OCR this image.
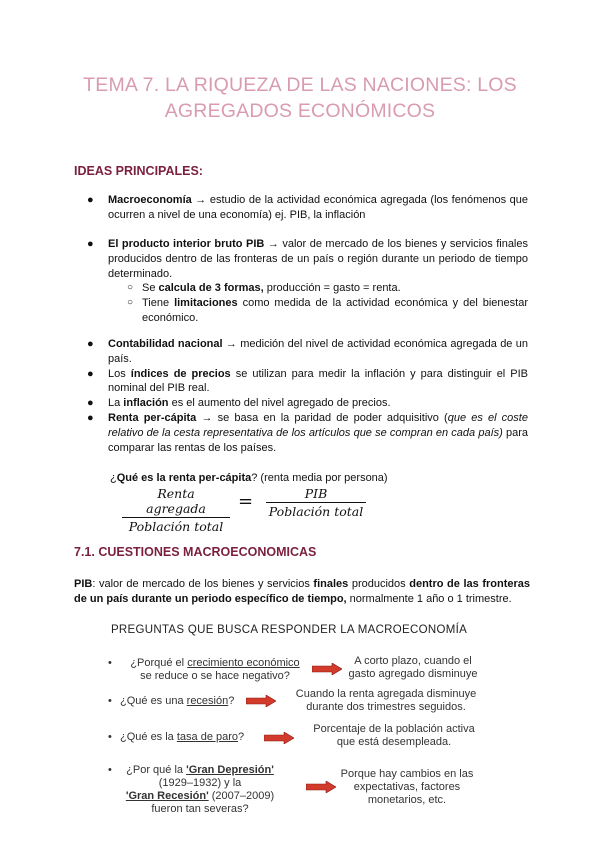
TEMA 7. LA RIQUEZA DE LAS NACIONES: LOS
AGREGADOS ECONÓMICOS
IDEAS PRINCIPALES:
● Macroeconomía → estudio de la actividad económica agregada (los fenómenos que ocurren a nivel de una economía) ej. PIB, la inflación
● El producto interior bruto PIB → valor de mercado de los bienes y servicios finales producidos dentro de las fronteras de un país o región durante un periodo de tiempo determinado.
○ Se calcula de 3 formas, producción = gasto = renta.
○ Tiene limitaciones como medida de la actividad económica y del bienestar económico.
● Contabilidad nacional → medición del nivel de actividad económica agregada de un país.
● Los índices de precios se utilizan para medir la inflación y para distinguir el PIB nominal del PIB real.
● La inflación es el aumento del nivel agregado de precios.
● Renta per-cápita → se basa en la paridad de poder adquisitivo (que es el coste relativo de la cesta representativa de los artículos que se compran en cada país) para comparar las rentas de los países.
¿Qué es la renta per-cápita? (renta media por persona)
Renta agregada
Población total
=	PIB
Población total
7.1. CUESTIONES MACROECONOMICAS
PIB: valor de mercado de los bienes y servicios finales producidos dentro de las fronteras de un país durante un periodo específico de tiempo, normalmente 1 año o 1 trimestre.
PREGUNTAS QUE BUSCA RESPONDER LA MACROECONOMÍA
•	¿Porqué el crecimiento económico
se reduce o se hace negativo?
A corto plazo, cuando el
gasto agregado disminuye
• ¿Qué es una recesión?
Cuando la renta agregada disminuye
durante dos trimestres seguidos.
• ¿Qué es la tasa de paro?
Porcentaje de la población activa
que está desempleada.
•	¿Por qué la 'Gran Depresión'
(1929–1932) y la
'Gran Recesión' (2007–2009)
fueron tan severas?
Porque hay cambios en las
expectativas, factores
monetarios, etc.
